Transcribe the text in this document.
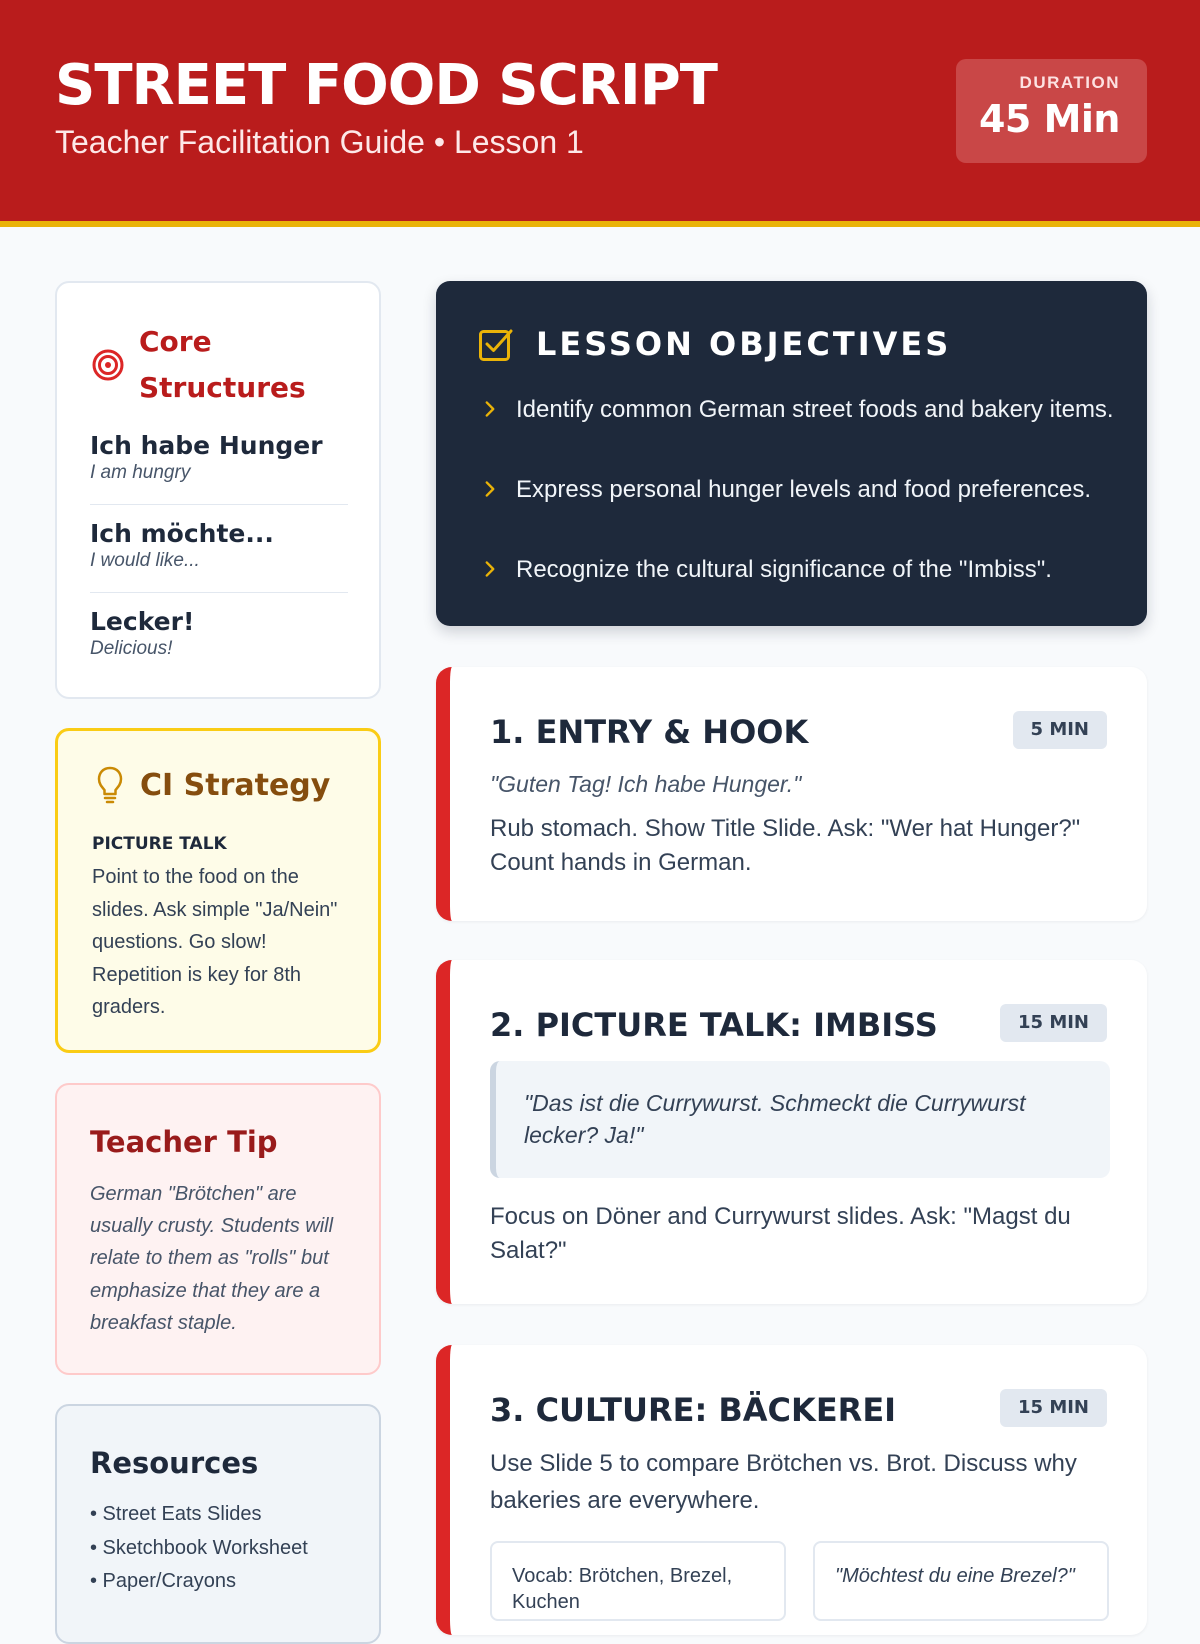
STREET FOOD SCRIPT
Teacher Facilitation Guide • Lesson 1
DURATION
45 Min
Core
Structures
Ich habe Hunger
I am hungry
Ich möchte...
I would like...
Lecker!
Delicious!
CI Strategy
PICTURE TALK
Point to the food on the slides. Ask simple "Ja/Nein" questions. Go slow! Repetition is key for 8th graders.
Teacher Tip
German "Brötchen" are usually crusty. Students will relate to them as "rolls" but emphasize that they are a breakfast staple.
Resources
• Street Eats Slides
• Sketchbook Worksheet
• Paper/Crayons
LESSON OBJECTIVES
Identify common German street foods and bakery items.
Express personal hunger levels and food preferences.
Recognize the cultural significance of the "Imbiss".
1. ENTRY & HOOK	5 MIN
"Guten Tag! Ich habe Hunger."
Rub stomach. Show Title Slide. Ask: "Wer hat Hunger?" Count hands in German.
2. PICTURE TALK: IMBISS	15 MIN
"Das ist die Currywurst. Schmeckt die Currywurst lecker? Ja!"
Focus on Döner and Currywurst slides. Ask: "Magst du Salat?"
3. CULTURE: BÄCKEREI	15 MIN
Use Slide 5 to compare Brötchen vs. Brot. Discuss why bakeries are everywhere.
Vocab: Brötchen, Brezel, Kuchen
"Möchtest du eine Brezel?"
